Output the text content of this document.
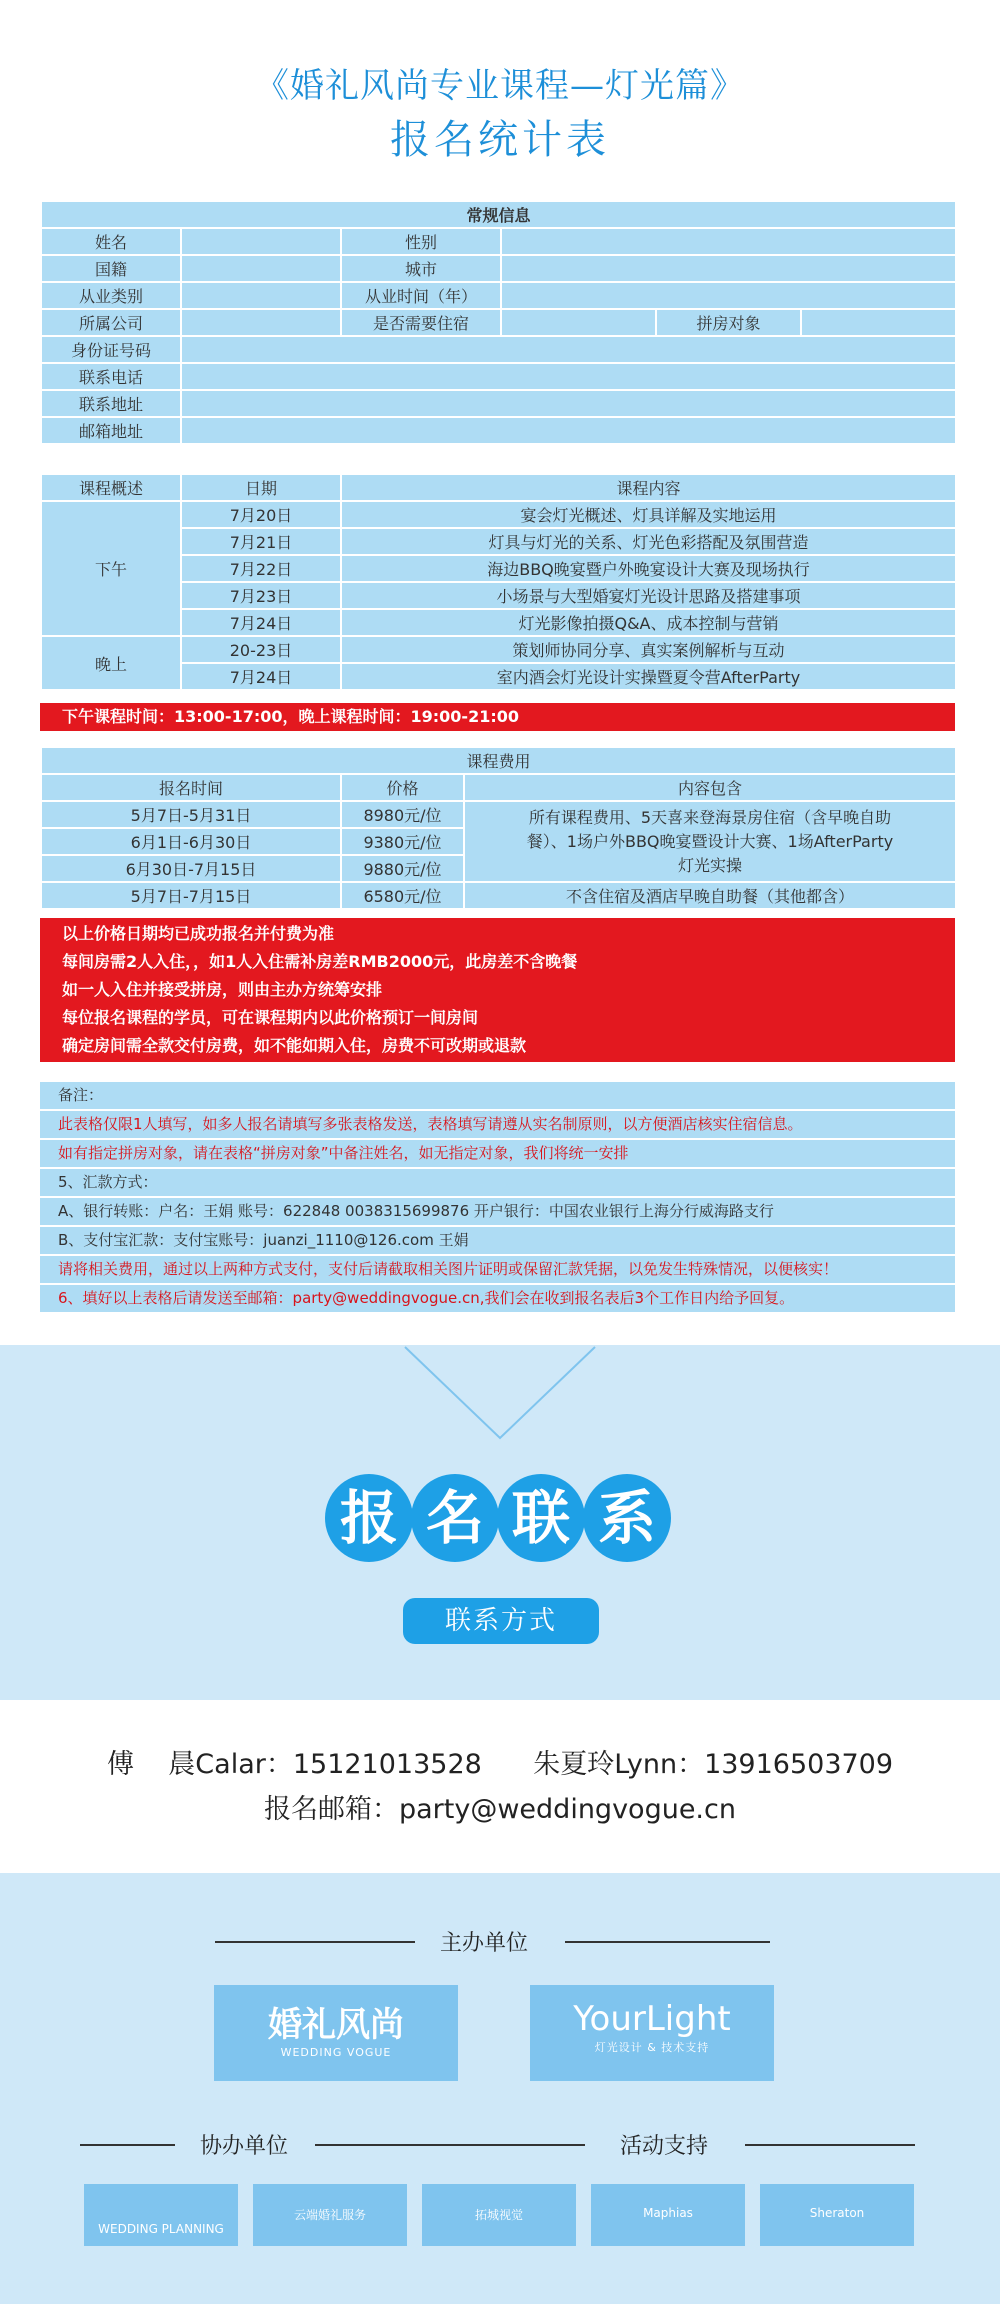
《婚礼风尚专业课程—灯光篇》
报名统计表
常规信息					
姓名		性别			
国籍		城市			
从业类别		从业时间（年）			
所属公司		是否需要住宿		拼房对象	
身份证号码					
联系电话					
联系地址					
邮箱地址					
课程概述	日期	课程内容
下午	7月20日	宴会灯光概述、灯具详解及实地运用
	7月21日	灯具与灯光的关系、灯光色彩搭配及氛围营造
	7月22日	海边BBQ晚宴暨户外晚宴设计大赛及现场执行
	7月23日	小场景与大型婚宴灯光设计思路及搭建事项
	7月24日	灯光影像拍摄Q&A、成本控制与营销
晚上	20-23日	策划师协同分享、真实案例解析与互动
	7月24日	室内酒会灯光设计实操暨夏令营AfterParty
下午课程时间：13:00-17:00，晚上课程时间：19:00-21:00
课程费用		
报名时间	价格	内容包含
5月7日-5月31日	8980元/位	所有课程费用、5天喜来登海景房住宿（含早晚自助
餐）、1场户外BBQ晚宴暨设计大赛、1场AfterParty
灯光实操

6月1日-6月30日	9380元/位	
6月30日-7月15日	9880元/位	
5月7日-7月15日	6580元/位	不含住宿及酒店早晚自助餐（其他都含）
以上价格日期均已成功报名并付费为准
每间房需2人入住，，如1人入住需补房差RMB2000元，此房差不含晚餐
如一人入住并接受拼房，则由主办方统筹安排
每位报名课程的学员，可在课程期内以此价格预订一间房间
确定房间需全款交付房费，如不能如期入住，房费不可改期或退款
备注：
此表格仅限1人填写，如多人报名请填写多张表格发送，表格填写请遵从实名制原则，以方便酒店核实住宿信息。
如有指定拼房对象，请在表格“拼房对象”中备注姓名，如无指定对象，我们将统一安排
5、汇款方式：
A、银行转账：户名：王娟 账号：622848 0038315699876 开户银行：中国农业银行上海分行威海路支行
B、支付宝汇款：支付宝账号：juanzi_1110@126.com 王娟
请将相关费用，通过以上两种方式支付，支付后请截取相关图片证明或保留汇款凭据，以免发生特殊情况，以便核实！
6、填好以上表格后请发送至邮箱：party@weddingvogue.cn,我们会在收到报名表后3个工作日内给予回复。
报 名 联 系
联系方式
傅    晨Calar：15121013528      朱夏玲Lynn：13916503709
报名邮箱：party@weddingvogue.cn
主办单位
婚礼风尚
WEDDING VOGUE
YourLight
灯光设计 & 技术支持
协办单位	活动支持
WEDDING PLANNING
云端婚礼服务	拓城视觉	Maphias	Sheraton
